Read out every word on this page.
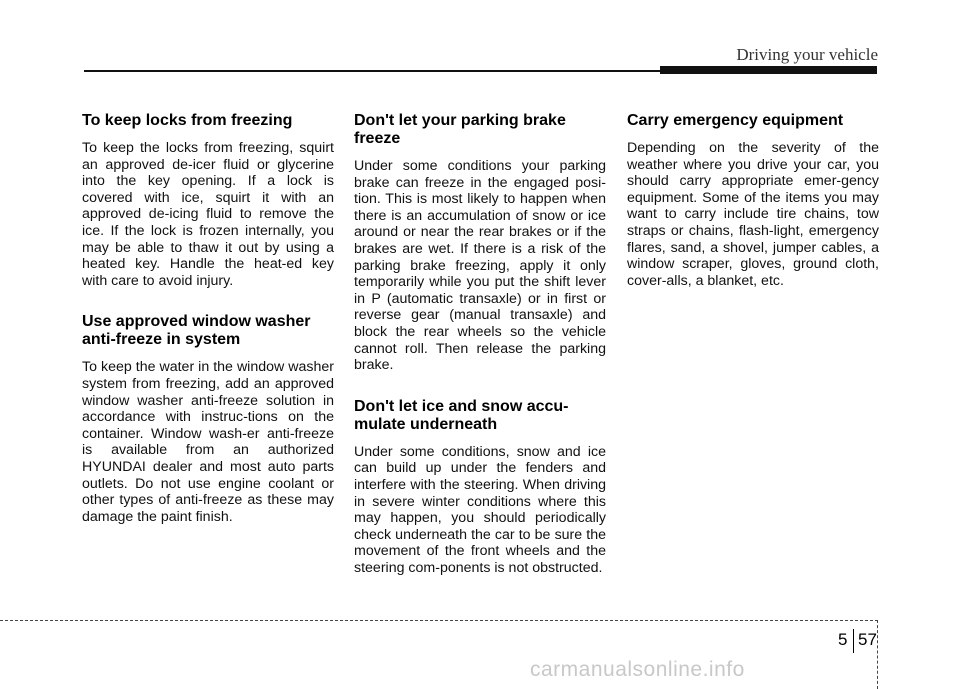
Driving your vehicle
To keep locks from freezing

To keep the locks from freezing, squirt an approved de-icer fluid or glycerine into the key opening. If a lock is covered with ice, squirt it with an approved de-icing fluid to remove the ice. If the lock is frozen internally, you may be able to thaw it out by using a heated key. Handle the heat-ed key with care to avoid injury.

Use approved window washer anti-freeze in system

To keep the water in the window washer system from freezing, add an approved window washer anti-freeze solution in accordance with instruc-tions on the container. Window wash-er anti-freeze is available from an authorized HYUNDAI dealer and most auto parts outlets. Do not use engine coolant or other types of anti-freeze as these may damage the paint finish.

Don't let your parking brake freeze

Under some conditions your parking brake can freeze in the engaged posi-tion. This is most likely to happen when there is an accumulation of snow or ice around or near the rear brakes or if the brakes are wet. If there is a risk of the parking brake freezing, apply it only temporarily while you put the shift lever in P (automatic transaxle) or in first or reverse gear (manual transaxle) and block the rear wheels so the vehicle cannot roll. Then release the parking brake.

Don't let ice and snow accu-mulate underneath

Under some conditions, snow and ice can build up under the fenders and interfere with the steering. When driving in severe winter conditions where this may happen, you should periodically check underneath the car to be sure the movement of the front wheels and the steering com-ponents is not obstructed.

Carry emergency equipment

Depending on the severity of the weather where you drive your car, you should carry appropriate emer-gency equipment. Some of the items you may want to carry include tire chains, tow straps or chains, flash-light, emergency flares, sand, a shovel, jumper cables, a window scraper, gloves, ground cloth, cover-alls, a blanket, etc.

5 57
carmanualsonline.info
